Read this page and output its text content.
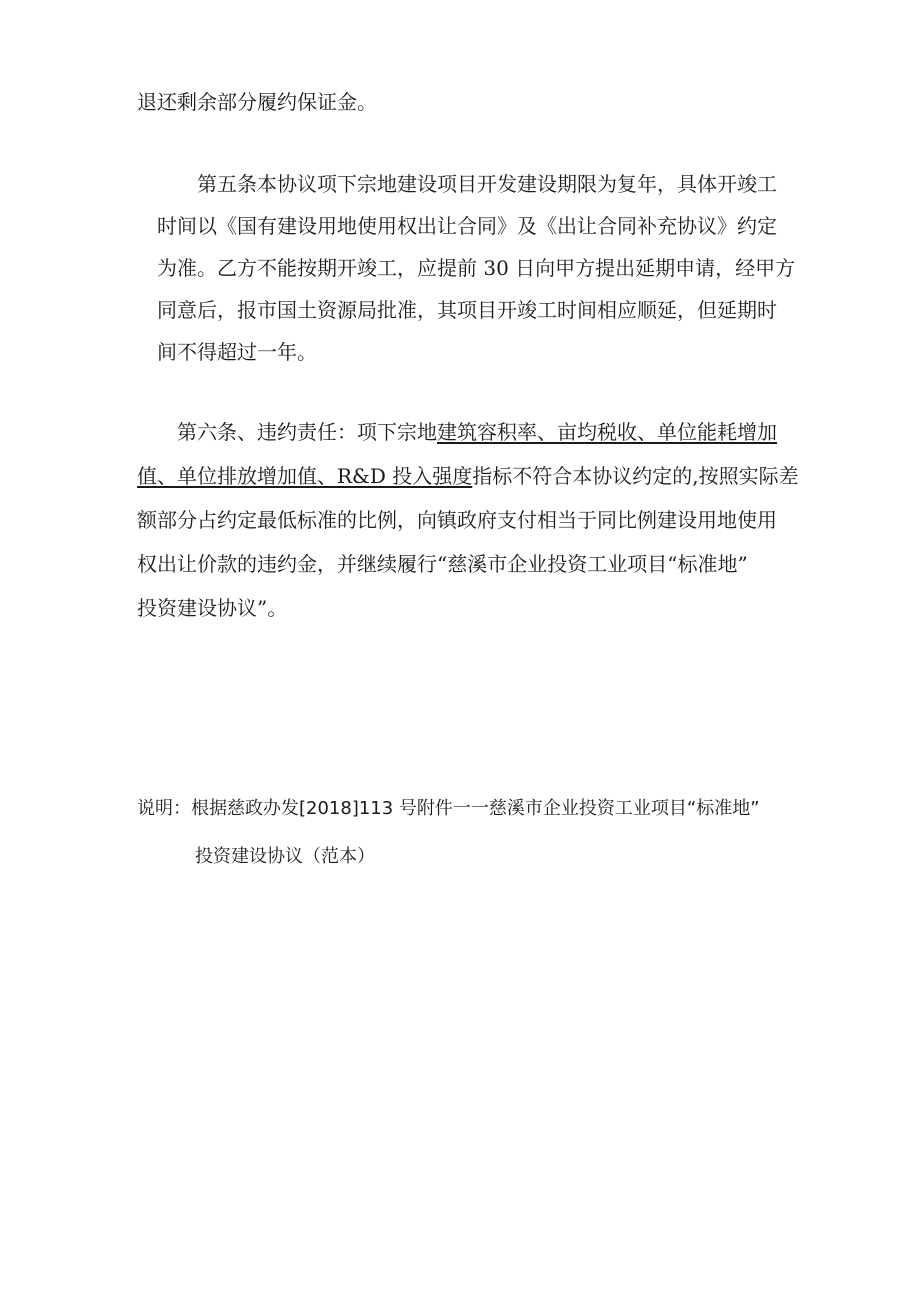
退还剩余部分履约保证金。
第五条本协议项下宗地建设项目开发建设期限为复年，具体开竣工
时间以《国有建设用地使用权出让合同》及《出让合同补充协议》约定
为准。乙方不能按期开竣工，应提前 30 日向甲方提出延期申请，经甲方
同意后，报市国土资源局批准，其项目开竣工时间相应顺延，但延期时
间不得超过一年。
第六条、违约责任：项下宗地建筑容积率、亩均税收、单位能耗增加
值、单位排放增加值、R&D 投入强度指标不符合本协议约定的,按照实际差
额部分占约定最低标准的比例，向镇政府支付相当于同比例建设用地使用
权出让价款的违约金，并继续履行“慈溪市企业投资工业项目“标准地”
投资建设协议”。
说明：根据慈政办发[2018]113 号附件一一慈溪市企业投资工业项目“标准地”
投资建设协议（范本）
